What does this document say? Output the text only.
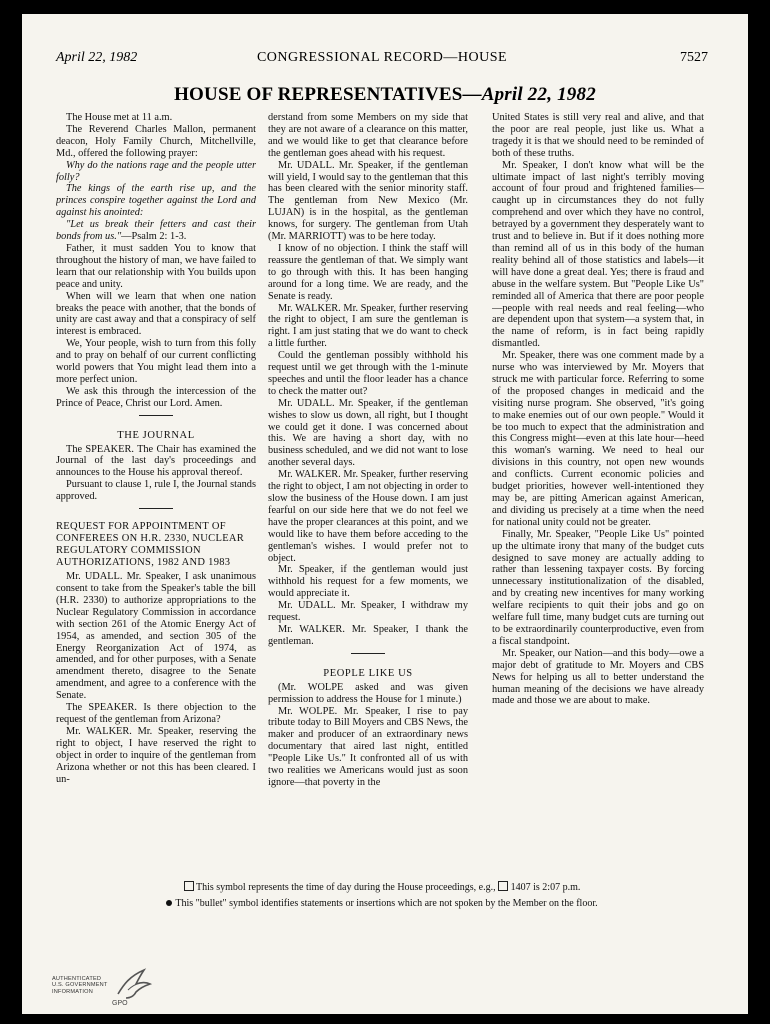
April 22, 1982	CONGRESSIONAL RECORD—HOUSE	7527
HOUSE OF REPRESENTATIVES—April 22, 1982

The House met at 11 a.m.

The Reverend Charles Mallon, permanent deacon, Holy Family Church, Mitchellville, Md., offered the following prayer:

Why do the nations rage and the people utter folly?

The kings of the earth rise up, and the princes conspire together against the Lord and against his anointed:

"Let us break their fetters and cast their bonds from us."—Psalm 2: 1-3.

Father, it must sadden You to know that throughout the history of man, we have failed to learn that our relationship with You builds upon peace and unity.

When will we learn that when one nation breaks the peace with another, that the bonds of unity are cast away and that a conspiracy of self interest is embraced.

We, Your people, wish to turn from this folly and to pray on behalf of our current conflicting world powers that You might lead them into a more perfect union.

We ask this through the intercession of the Prince of Peace, Christ our Lord. Amen.

THE JOURNAL

The SPEAKER. The Chair has examined the Journal of the last day's proceedings and announces to the House his approval thereof.

Pursuant to clause 1, rule I, the Journal stands approved.

REQUEST FOR APPOINTMENT OF CONFEREES ON H.R. 2330, NUCLEAR REGULATORY COMMISSION AUTHORIZATIONS, 1982 AND 1983

Mr. UDALL. Mr. Speaker, I ask unanimous consent to take from the Speaker's table the bill (H.R. 2330) to authorize appropriations to the Nuclear Regulatory Commission in accordance with section 261 of the Atomic Energy Act of 1954, as amended, and section 305 of the Energy Reorganization Act of 1974, as amended, and for other purposes, with a Senate amendment thereto, disagree to the Senate amendment, and agree to a conference with the Senate.

The SPEAKER. Is there objection to the request of the gentleman from Arizona?

Mr. WALKER. Mr. Speaker, reserving the right to object, I have reserved the right to object in order to inquire of the gentleman from Arizona whether or not this has been cleared. I un-

derstand from some Members on my side that they are not aware of a clearance on this matter, and we would like to get that clearance before the gentleman goes ahead with his request.

Mr. UDALL. Mr. Speaker, if the gentleman will yield, I would say to the gentleman that this has been cleared with the senior minority staff. The gentleman from New Mexico (Mr. LUJAN) is in the hospital, as the gentleman knows, for surgery. The gentleman from Utah (Mr. MARRIOTT) was to be here today.

I know of no objection. I think the staff will reassure the gentleman of that. We simply want to go through with this. It has been hanging around for a long time. We are ready, and the Senate is ready.

Mr. WALKER. Mr. Speaker, further reserving the right to object, I am sure the gentleman is right. I am just stating that we do want to check a little further.

Could the gentleman possibly withhold his request until we get through with the 1-minute speeches and until the floor leader has a chance to check the matter out?

Mr. UDALL. Mr. Speaker, if the gentleman wishes to slow us down, all right, but I thought we could get it done. I was concerned about this. We are having a short day, with no business scheduled, and we did not want to lose another several days.

Mr. WALKER. Mr. Speaker, further reserving the right to object, I am not objecting in order to slow the business of the House down. I am just fearful on our side here that we do not feel we have the proper clearances at this point, and we would like to have them before acceding to the gentleman's wishes. I would prefer not to object.

Mr. Speaker, if the gentleman would just withhold his request for a few moments, we would appreciate it.

Mr. UDALL. Mr. Speaker, I withdraw my request.

Mr. WALKER. Mr. Speaker, I thank the gentleman.

PEOPLE LIKE US

(Mr. WOLPE asked and was given permission to address the House for 1 minute.)

Mr. WOLPE. Mr. Speaker, I rise to pay tribute today to Bill Moyers and CBS News, the maker and producer of an extraordinary news documentary that aired last night, entitled "People Like Us." It confronted all of us with two realities we Americans would just as soon ignore—that poverty in the

United States is still very real and alive, and that the poor are real people, just like us. What a tragedy it is that we should need to be reminded of both of these truths.

Mr. Speaker, I don't know what will be the ultimate impact of last night's terribly moving account of four proud and frightened families—caught up in circumstances they do not fully comprehend and over which they have no control, betrayed by a government they desperately want to trust and to believe in. But if it does nothing more than remind all of us in this body of the human reality behind all of those statistics and labels—it will have done a great deal. Yes; there is fraud and abuse in the welfare system. But "People Like Us" reminded all of America that there are poor people—people with real needs and real feeling—who are dependent upon that system—a system that, in the name of reform, is in fact being rapidly dismantled.

Mr. Speaker, there was one comment made by a nurse who was interviewed by Mr. Moyers that struck me with particular force. Referring to some of the proposed changes in medicaid and the visiting nurse program. She observed, "it's going to make enemies out of our own people." Would it be too much to expect that the administration and this Congress might—even at this late hour—heed this woman's warning. We need to heal our divisions in this country, not open new wounds and conflicts. Current economic policies and budget priorities, however well-intentioned they may be, are pitting American against American, and dividing us precisely at a time when the need for national unity could not be greater.

Finally, Mr. Speaker, "People Like Us" pointed up the ultimate irony that many of the budget cuts designed to save money are actually adding to rather than lessening taxpayer costs. By forcing unnecessary institutionalization of the disabled, and by creating new incentives for many working welfare recipients to quit their jobs and go on welfare full time, many budget cuts are turning out to be extraordinarily counterproductive, even from a fiscal standpoint.

Mr. Speaker, our Nation—and this body—owe a major debt of gratitude to Mr. Moyers and CBS News for helping us all to better understand the human meaning of the decisions we have already made and those we are about to make.

This symbol represents the time of day during the House proceedings, e.g., 1407 is 2:07 p.m.
This "bullet" symbol identifies statements or insertions which are not spoken by the Member on the floor.
AUTHENTICATED
U.S. GOVERNMENT
INFORMATION
GPO
